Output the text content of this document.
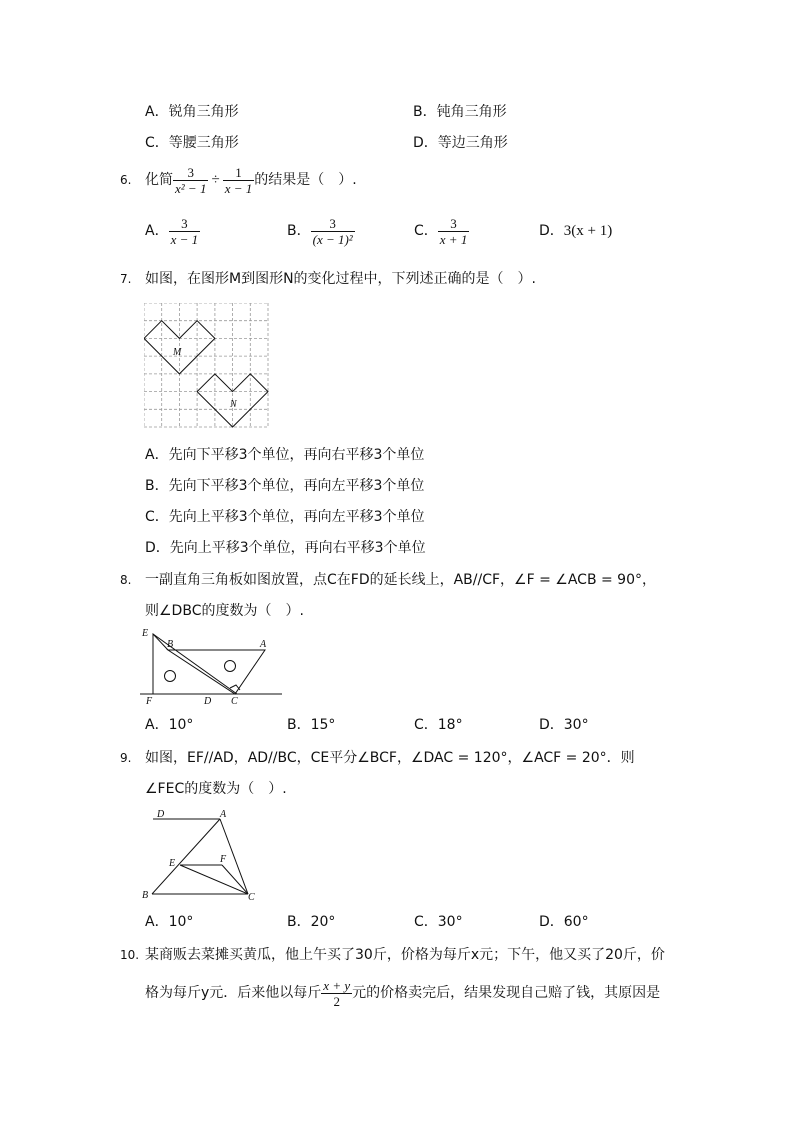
A．锐角三角形	B．钝角三角形
C．等腰三角形	D．等边三角形
6. 化简 $\frac{3}{\text{x² − 1}} \div \frac{1}{x - 1}$ 的结果是（　）.
A． $\frac{3}{x - 1}$	B． $\frac{3}{\text{(x − 1)²}}$	C． $\frac{3}{x + 1}$	D．3(x + 1)
7. 如图，在图形M到图形N的变化过程中，下列述正确的是（　）.
M
N
A．先向下平移3个单位，再向右平移3个单位
B．先向下平移3个单位，再向左平移3个单位
C．先向上平移3个单位，再向左平移3个单位
D．先向上平移3个单位，再向右平移3个单位
8. 一副直角三角板如图放置，点C在FD的延长线上，AB//CF，∠F = ∠ACB = 90°，
则∠DBC的度数为（　）.
E
B	A
F	D C
A．10°	B．15°	C．18°	D．30°
9. 如图，EF//AD，AD//BC，CE平分∠BCF，∠DAC = 120°，∠ACF = 20°．则
∠FEC的度数为（　）.
D	A
E	F
B	C
A．10°	B．20°	C．30°	D．60°
10. 某商贩去菜摊买黄瓜，他上午买了30斤，价格为每斤x元；下午，他又买了20斤，价
格为每斤y元．后来他以每斤 $\frac{x + y}{2}$ 元的价格卖完后，结果发现自己赔了钱，其原因是
